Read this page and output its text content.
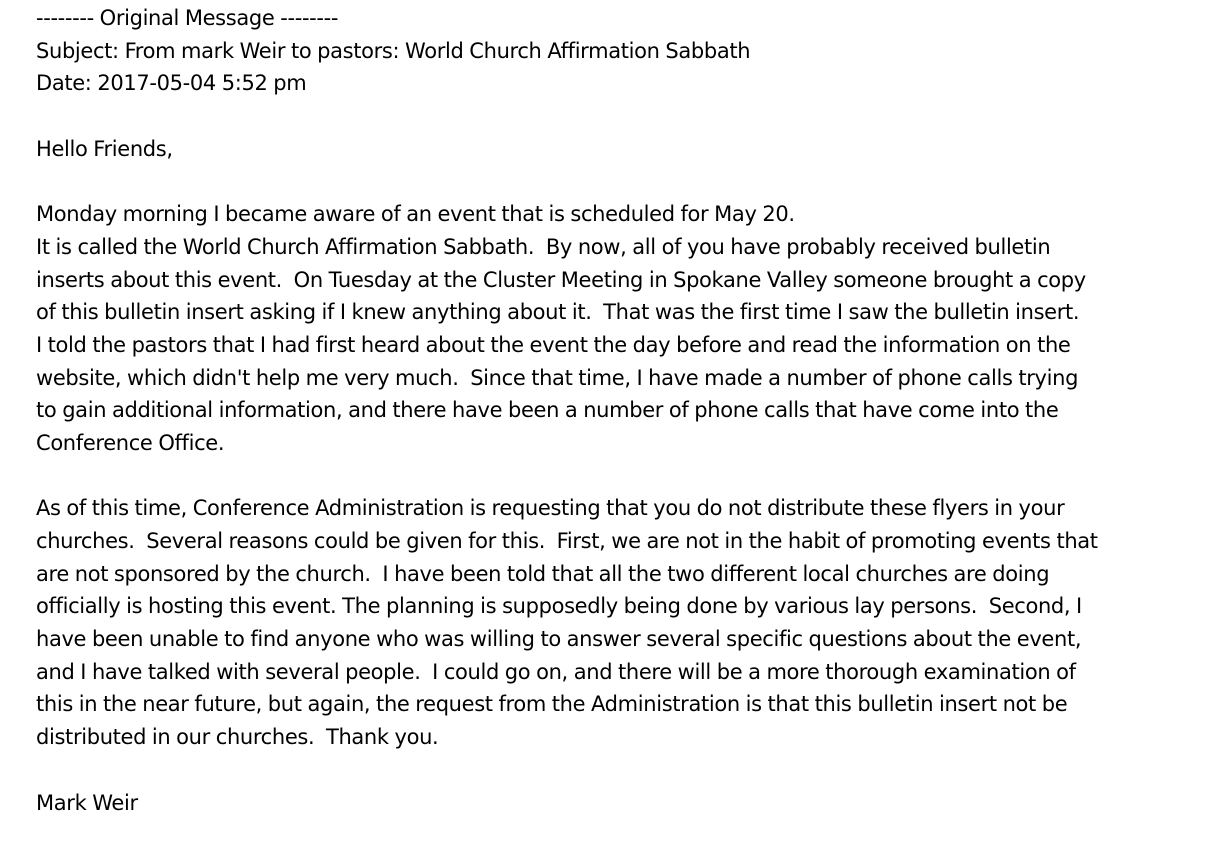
-------- Original Message --------
Subject: From mark Weir to pastors: World Church Affirmation Sabbath
Date: 2017-05-04 5:52 pm
Hello Friends,
Monday morning I became aware of an event that is scheduled for May 20.
It is called the World Church Affirmation Sabbath.  By now, all of you have probably received bulletin
inserts about this event.  On Tuesday at the Cluster Meeting in Spokane Valley someone brought a copy
of this bulletin insert asking if I knew anything about it.  That was the first time I saw the bulletin insert.
I told the pastors that I had first heard about the event the day before and read the information on the
website, which didn't help me very much.  Since that time, I have made a number of phone calls trying
to gain additional information, and there have been a number of phone calls that have come into the
Conference Office.
As of this time, Conference Administration is requesting that you do not distribute these flyers in your
churches.  Several reasons could be given for this.  First, we are not in the habit of promoting events that
are not sponsored by the church.  I have been told that all the two different local churches are doing
officially is hosting this event. The planning is supposedly being done by various lay persons.  Second, I
have been unable to find anyone who was willing to answer several specific questions about the event,
and I have talked with several people.  I could go on, and there will be a more thorough examination of
this in the near future, but again, the request from the Administration is that this bulletin insert not be
distributed in our churches.  Thank you.
Mark Weir
